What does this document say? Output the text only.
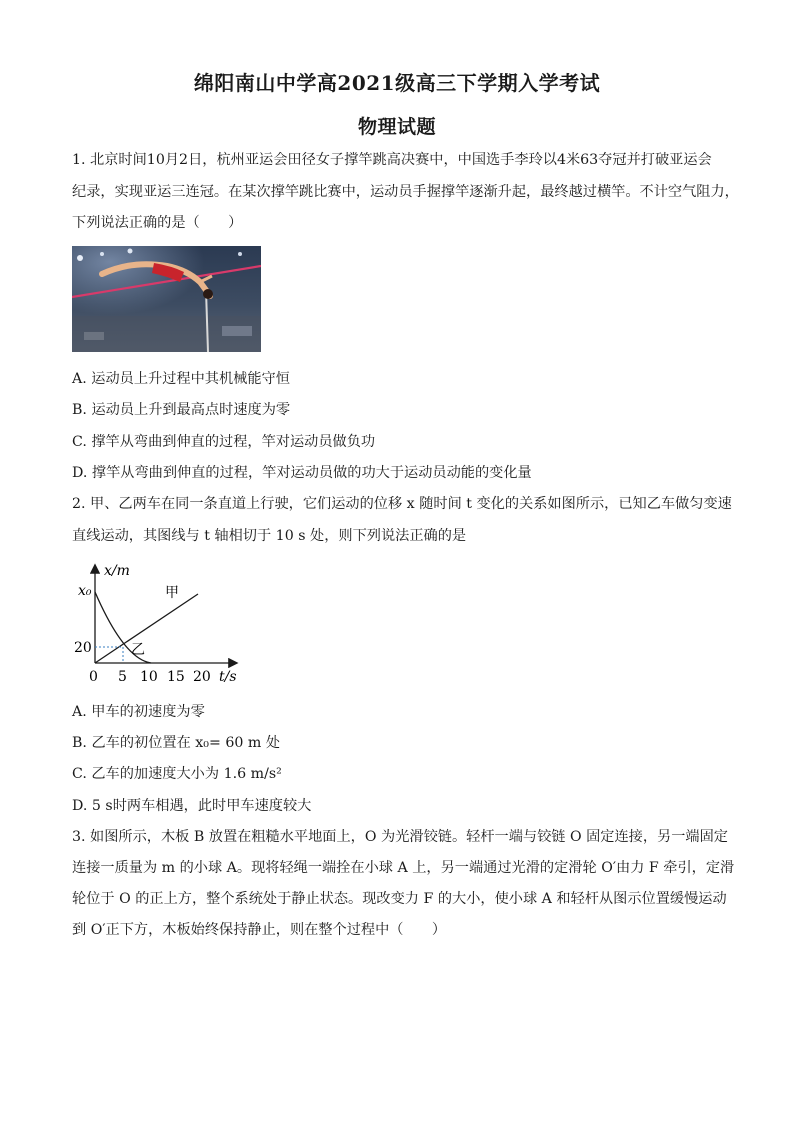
绵阳南山中学高2021级高三下学期入学考试
物理试题
1. 北京时间10月2日，杭州亚运会田径女子撑竿跳高决赛中，中国选手李玲以4米63夺冠并打破亚运会
纪录，实现亚运三连冠。在某次撑竿跳比赛中，运动员手握撑竿逐渐升起，最终越过横竿。不计空气阻力，
下列说法正确的是（　　）
A. 运动员上升过程中其机械能守恒
B. 运动员上升到最高点时速度为零
C. 撑竿从弯曲到伸直的过程，竿对运动员做负功
D. 撑竿从弯曲到伸直的过程，竿对运动员做的功大于运动员动能的变化量
2. 甲、乙两车在同一条直道上行驶，它们运动的位移 x 随时间 t 变化的关系如图所示，已知乙车做匀变速
直线运动，其图线与 t 轴相切于 10 s 处，则下列说法正确的是
x/m
x₀
20
甲
乙
0 5 10 15 20 t/s
A. 甲车的初速度为零
B. 乙车的初位置在 x₀= 60 m 处
C. 乙车的加速度大小为 1.6 m/s²
D. 5 s时两车相遇，此时甲车速度较大
3. 如图所示，木板 B 放置在粗糙水平地面上，O 为光滑铰链。轻杆一端与铰链 O 固定连接，另一端固定
连接一质量为 m 的小球 A。现将轻绳一端拴在小球 A 上，另一端通过光滑的定滑轮 O′由力 F 牵引，定滑
轮位于 O 的正上方，整个系统处于静止状态。现改变力 F 的大小，使小球 A 和轻杆从图示位置缓慢运动
到 O′正下方，木板始终保持静止，则在整个过程中（　　）
